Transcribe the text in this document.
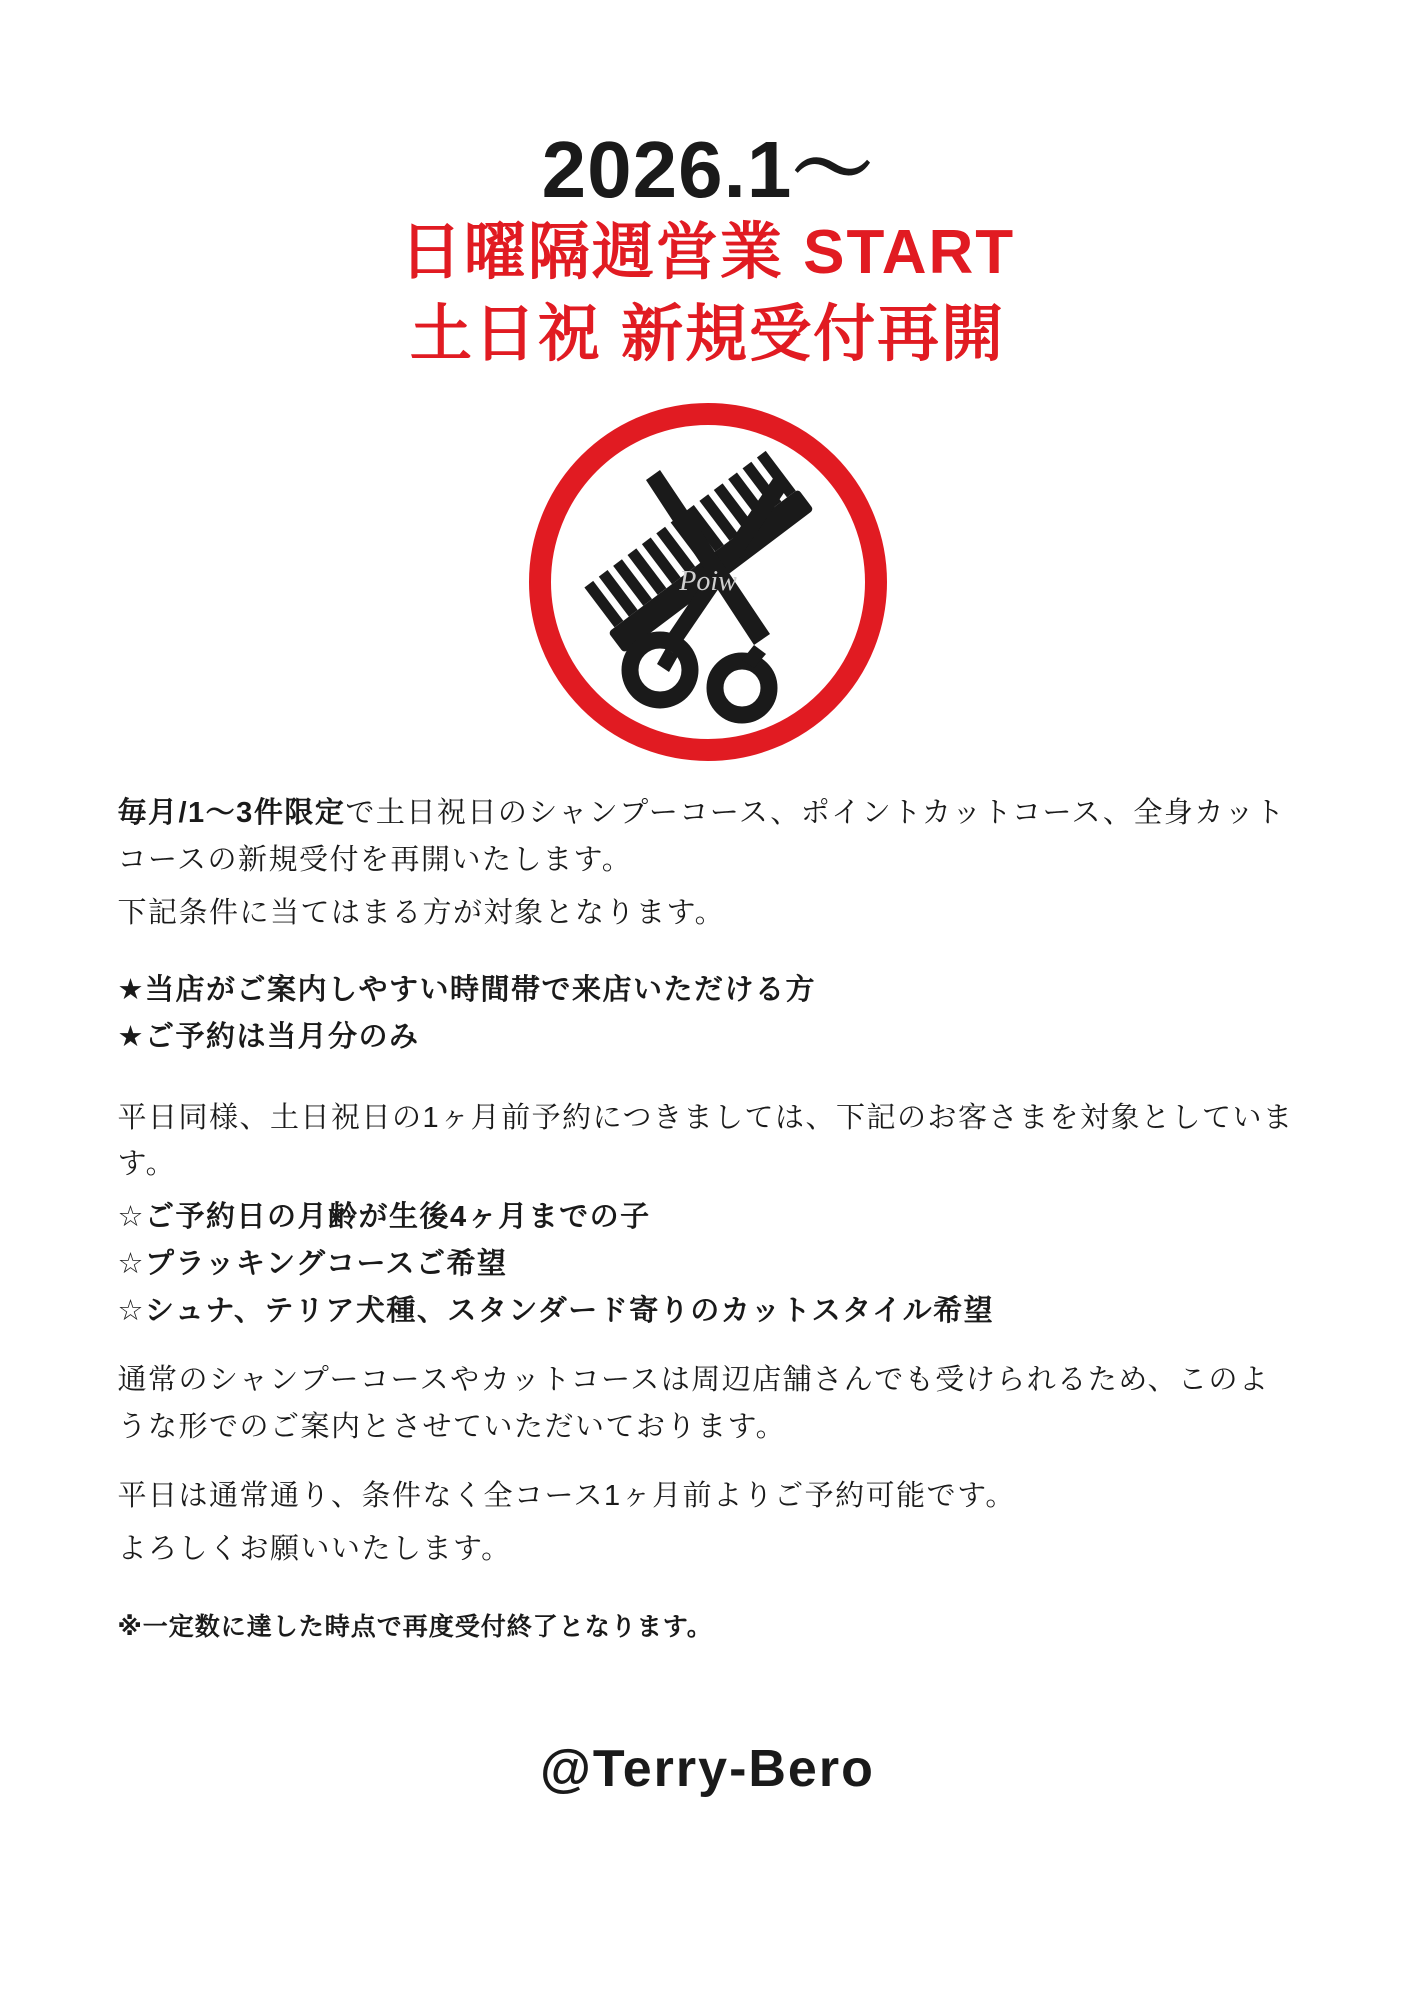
2026.1〜
日曜隔週営業 START
土日祝 新規受付再開
Poiw

毎月/1〜3件限定で土日祝日のシャンプーコース、ポイントカットコース、全身カットコースの新規受付を再開いたします。

下記条件に当てはまる方が対象となります。

★当店がご案内しやすい時間帯で来店いただける方

★ご予約は当月分のみ

平日同様、土日祝日の1ヶ月前予約につきましては、下記のお客さまを対象としています。

☆ご予約日の月齢が生後4ヶ月までの子

☆プラッキングコースご希望

☆シュナ、テリア犬種、スタンダード寄りのカットスタイル希望

通常のシャンプーコースやカットコースは周辺店舗さんでも受けられるため、このような形でのご案内とさせていただいております。

平日は通常通り、条件なく全コース1ヶ月前よりご予約可能です。

よろしくお願いいたします。

※一定数に達した時点で再度受付終了となります。

@Terry-Bero
